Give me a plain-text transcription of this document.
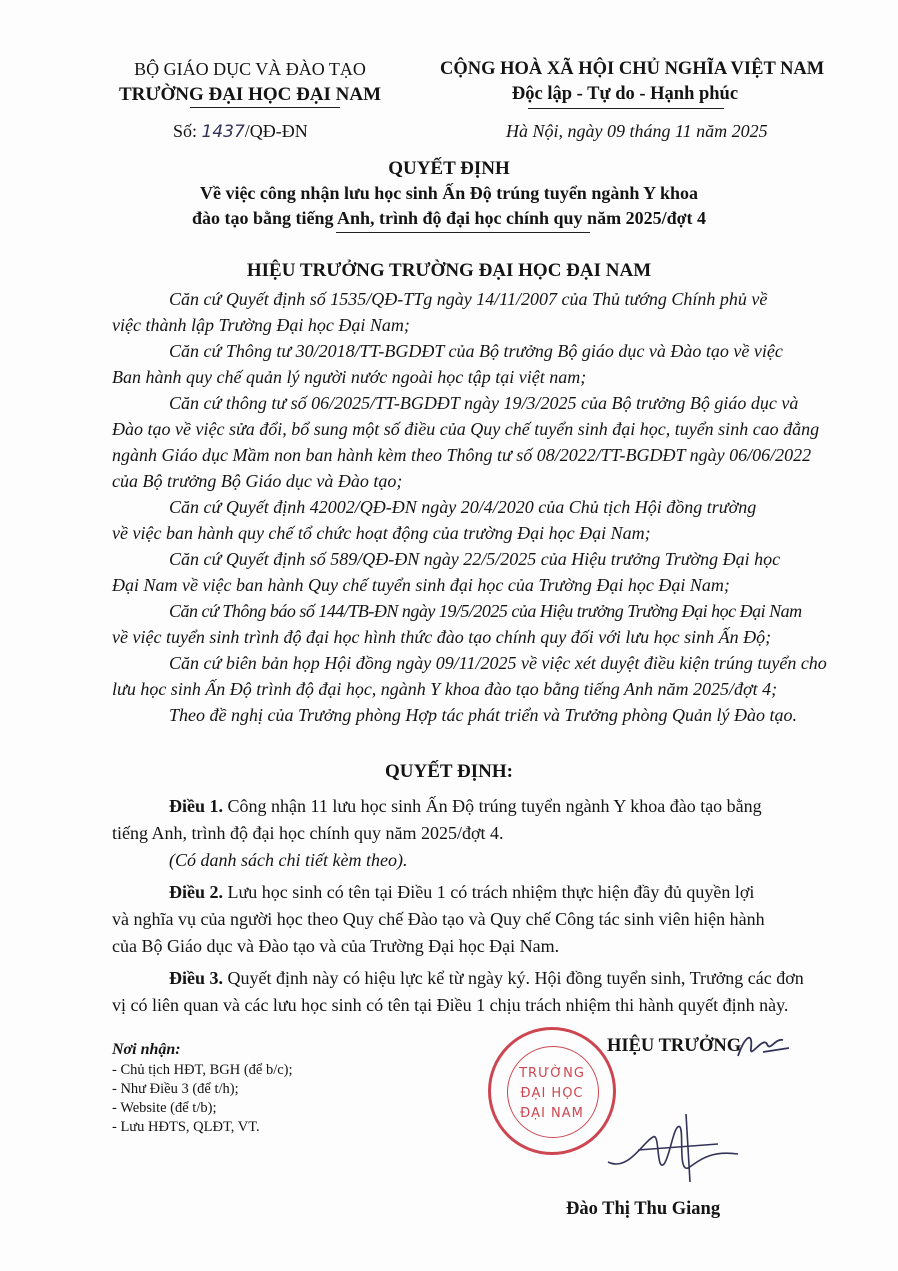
BỘ GIÁO DỤC VÀ ĐÀO TẠO
TRƯỜNG ĐẠI HỌC ĐẠI NAM
Số: 1437/QĐ-ĐN
CỘNG HOÀ XÃ HỘI CHỦ NGHĨA VIỆT NAM
Độc lập - Tự do - Hạnh phúc
Hà Nội, ngày 09 tháng 11 năm 2025
QUYẾT ĐỊNH
Về việc công nhận lưu học sinh Ấn Độ trúng tuyển ngành Y khoa
đào tạo bằng tiếng Anh, trình độ đại học chính quy năm 2025/đợt 4
HIỆU TRƯỞNG TRƯỜNG ĐẠI HỌC ĐẠI NAM
Căn cứ Quyết định số 1535/QĐ-TTg ngày 14/11/2007 của Thủ tướng Chính phủ về
việc thành lập Trường Đại học Đại Nam;
Căn cứ Thông tư 30/2018/TT-BGDĐT của Bộ trưởng Bộ giáo dục và Đào tạo về việc
Ban hành quy chế quản lý người nước ngoài học tập tại việt nam;
Căn cứ thông tư số 06/2025/TT-BGDĐT ngày 19/3/2025 của Bộ trưởng Bộ giáo dục và
Đào tạo về việc sửa đổi, bổ sung một số điều của Quy chế tuyển sinh đại học, tuyển sinh cao đẳng
ngành Giáo dục Mầm non ban hành kèm theo Thông tư số 08/2022/TT-BGDĐT ngày 06/06/2022
của Bộ trưởng Bộ Giáo dục và Đào tạo;
Căn cứ Quyết định 42002/QĐ-ĐN ngày 20/4/2020 của Chủ tịch Hội đồng trường
về việc ban hành quy chế tổ chức hoạt động của trường Đại học Đại Nam;
Căn cứ Quyết định số 589/QĐ-ĐN ngày 22/5/2025 của Hiệu trưởng Trường Đại học
Đại Nam về việc ban hành Quy chế tuyển sinh đại học của Trường Đại học Đại Nam;
Căn cứ Thông báo số 144/TB-ĐN ngày 19/5/2025 của Hiệu trưởng Trường Đại học Đại Nam
về việc tuyển sinh trình độ đại học hình thức đào tạo chính quy đối với lưu học sinh Ấn Độ;
Căn cứ biên bản họp Hội đồng ngày 09/11/2025 về việc xét duyệt điều kiện trúng tuyển cho
lưu học sinh Ấn Độ trình độ đại học, ngành Y khoa đào tạo bằng tiếng Anh năm 2025/đợt 4;
Theo đề nghị của Trưởng phòng Hợp tác phát triển và Trưởng phòng Quản lý Đào tạo.
QUYẾT ĐỊNH:
Điều 1. Công nhận 11 lưu học sinh Ấn Độ trúng tuyển ngành Y khoa đào tạo bằng
tiếng Anh, trình độ đại học chính quy năm 2025/đợt 4.
(Có danh sách chi tiết kèm theo).
Điều 2. Lưu học sinh có tên tại Điều 1 có trách nhiệm thực hiện đầy đủ quyền lợi
và nghĩa vụ của người học theo Quy chế Đào tạo và Quy chế Công tác sinh viên hiện hành
của Bộ Giáo dục và Đào tạo và của Trường Đại học Đại Nam.
Điều 3. Quyết định này có hiệu lực kể từ ngày ký. Hội đồng tuyển sinh, Trưởng các đơn
vị có liên quan và các lưu học sinh có tên tại Điều 1 chịu trách nhiệm thi hành quyết định này.
Nơi nhận:
- Chủ tịch HĐT, BGH (để b/c);
- Như Điều 3 (để t/h);
- Website (để t/b);
- Lưu HĐTS, QLĐT, VT.
HIỆU TRƯỞNG
TRƯỜNG
ĐẠI HỌC
ĐẠI NAM
Đào Thị Thu Giang
